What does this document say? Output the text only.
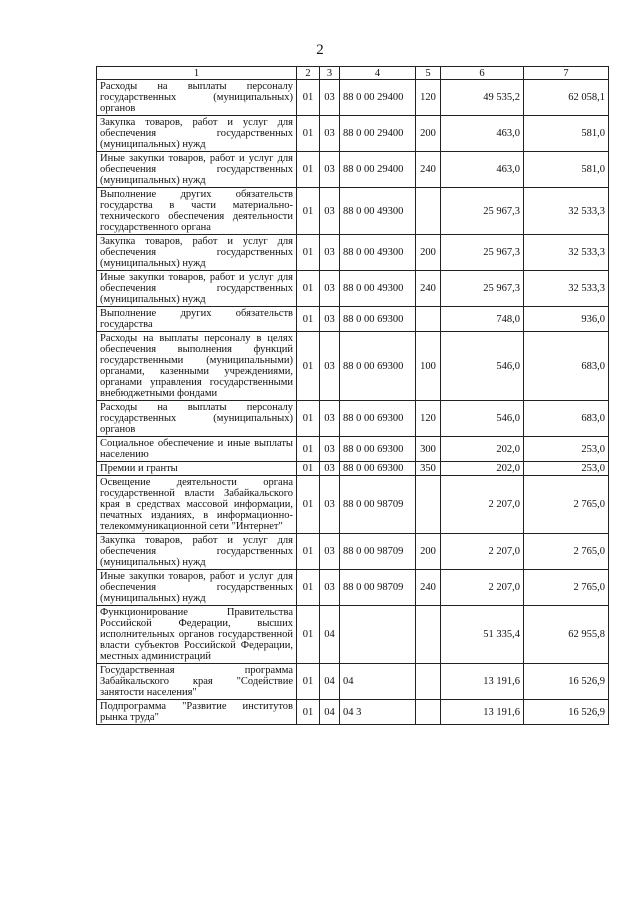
2
1	2	3	4	5	6	7
Расходы на выплаты персоналу государственных (муниципальных) органов	01	03	88 0 00 29400	120	49 535,2	62 058,1
Закупка товаров, работ и услуг для обеспечения государственных (муниципальных) нужд	01	03	88 0 00 29400	200	463,0	581,0
Иные закупки товаров, работ и услуг для обеспечения государственных (муниципальных) нужд	01	03	88 0 00 29400	240	463,0	581,0
Выполнение других обязательств государства в части материально-технического обеспечения деятельности государственного органа	01	03	88 0 00 49300		25 967,3	32 533,3
Закупка товаров, работ и услуг для обеспечения государственных (муниципальных) нужд	01	03	88 0 00 49300	200	25 967,3	32 533,3
Иные закупки товаров, работ и услуг для обеспечения государственных (муниципальных) нужд	01	03	88 0 00 49300	240	25 967,3	32 533,3
Выполнение других обязательств государства	01	03	88 0 00 69300		748,0	936,0
Расходы на выплаты персоналу в целях обеспечения выполнения функций государственными (муниципальными) органами, казенными учреждениями, органами управления государственными внебюджетными фондами	01	03	88 0 00 69300	100	546,0	683,0
Расходы на выплаты персоналу государственных (муниципальных) органов	01	03	88 0 00 69300	120	546,0	683,0
Социальное обеспечение и иные выплаты населению	01	03	88 0 00 69300	300	202,0	253,0
Премии и гранты	01	03	88 0 00 69300	350	202,0	253,0
Освещение деятельности органа государственной власти Забайкальского края в средствах массовой информации, печатных изданиях, в информационно-телекоммуникационной сети "Интернет"	01	03	88 0 00 98709		2 207,0	2 765,0
Закупка товаров, работ и услуг для обеспечения государственных (муниципальных) нужд	01	03	88 0 00 98709	200	2 207,0	2 765,0
Иные закупки товаров, работ и услуг для обеспечения государственных (муниципальных) нужд	01	03	88 0 00 98709	240	2 207,0	2 765,0
Функционирование Правительства Российской Федерации, высших исполнительных органов государственной власти субъектов Российской Федерации, местных администраций	01	04			51 335,4	62 955,8
Государственная программа Забайкальского края "Содействие занятости населения"	01	04	04		13 191,6	16 526,9
Подпрограмма "Развитие институтов рынка труда"	01	04	04 3		13 191,6	16 526,9
